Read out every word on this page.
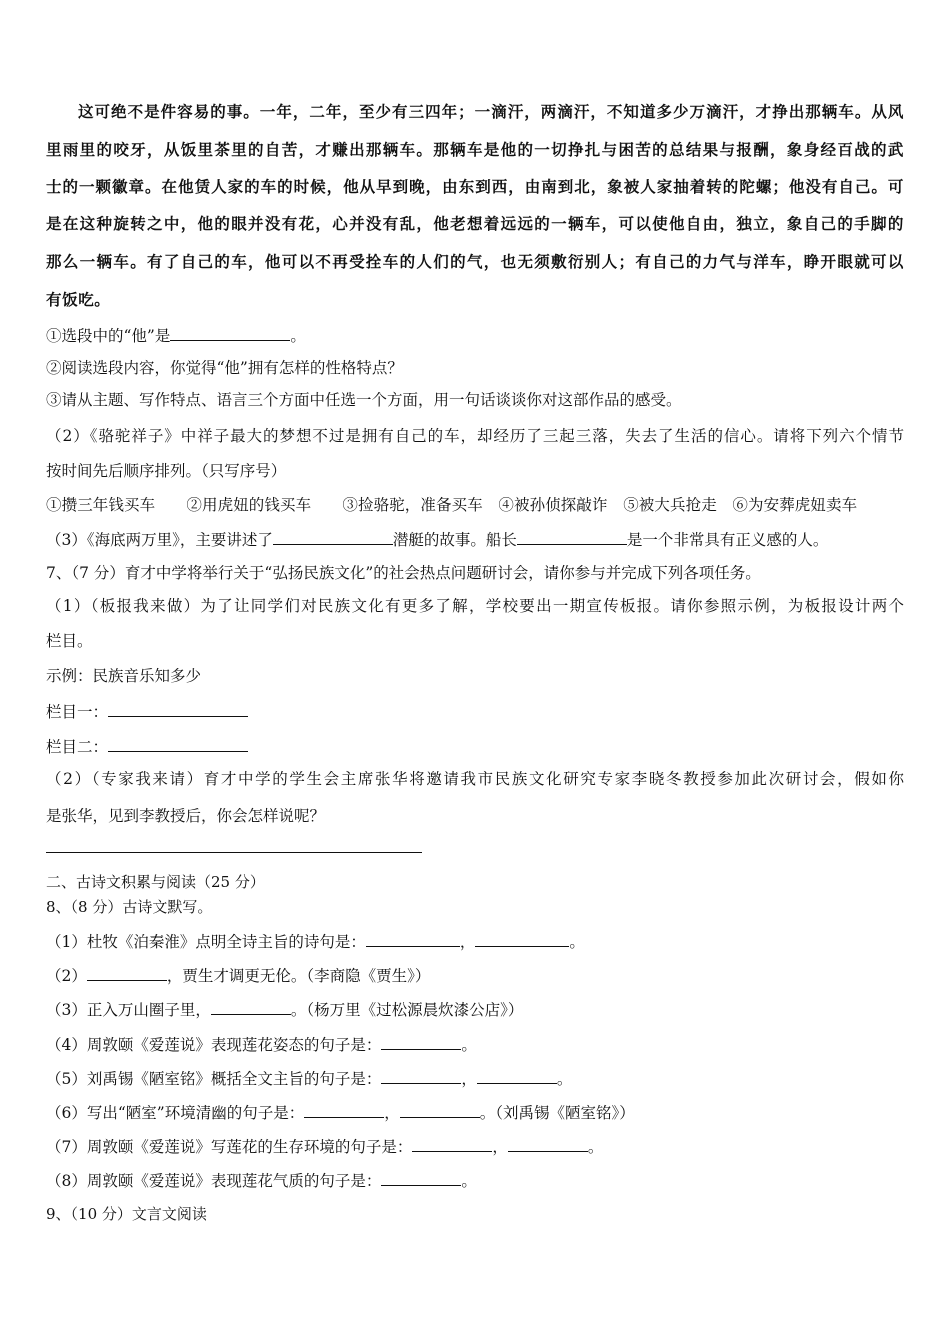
这可绝不是件容易的事。一年，二年，至少有三四年；一滴汗，两滴汗，不知道多少万滴汗，才挣出那辆车。从风
里雨里的咬牙，从饭里茶里的自苦，才赚出那辆车。那辆车是他的一切挣扎与困苦的总结果与报酬，象身经百战的武
士的一颗徽章。在他赁人家的车的时候，他从早到晚，由东到西，由南到北，象被人家抽着转的陀螺；他没有自己。可
是在这种旋转之中，他的眼并没有花，心并没有乱，他老想着远远的一辆车，可以使他自由，独立，象自己的手脚的
那么一辆车。有了自己的车，他可以不再受拴车的人们的气，也无须敷衍别人；有自己的力气与洋车，睁开眼就可以
有饭吃。
①选段中的“他”是	。
②阅读选段内容，你觉得“他”拥有怎样的性格特点？
③请从主题、写作特点、语言三个方面中任选一个方面，用一句话谈谈你对这部作品的感受。
（2）《骆驼祥子》中祥子最大的梦想不过是拥有自己的车，却经历了三起三落，失去了生活的信心。请将下列六个情节
按时间先后顺序排列。（只写序号）
①攒三年钱买车　　②用虎妞的钱买车　　③捡骆驼，准备买车　④被孙侦探敲诈　⑤被大兵抢走　⑥为安葬虎妞卖车
（3）《海底两万里》，主要讲述了	潜艇的故事。船长	是一个非常具有正义感的人。
7、（7 分）育才中学将举行关于“弘扬民族文化”的社会热点问题研讨会，请你参与并完成下列各项任务。
（1）（板报我来做）为了让同学们对民族文化有更多了解，学校要出一期宣传板报。请你参照示例，为板报设计两个
栏目。
示例：民族音乐知多少
栏目一：
栏目二：
（2）（专家我来请）育才中学的学生会主席张华将邀请我市民族文化研究专家李晓冬教授参加此次研讨会，假如你
是张华，见到李教授后，你会怎样说呢？
二、古诗文积累与阅读（25 分）
8、（8 分）古诗文默写。
（1）杜牧《泊秦淮》点明全诗主旨的诗句是：	，	。
（2）	，贾生才调更无伦。（李商隐《贾生》）
（3）正入万山圈子里，	。（杨万里《过松源晨炊漆公店》）
（4）周敦颐《爱莲说》表现莲花姿态的句子是：	。
（5）刘禹锡《陋室铭》概括全文主旨的句子是：	，	。
（6）写出“陋室”环境清幽的句子是：	，	。（刘禹锡《陋室铭》）
（7）周敦颐《爱莲说》写莲花的生存环境的句子是：	，	。
（8）周敦颐《爱莲说》表现莲花气质的句子是：	。
9、（10 分）文言文阅读
